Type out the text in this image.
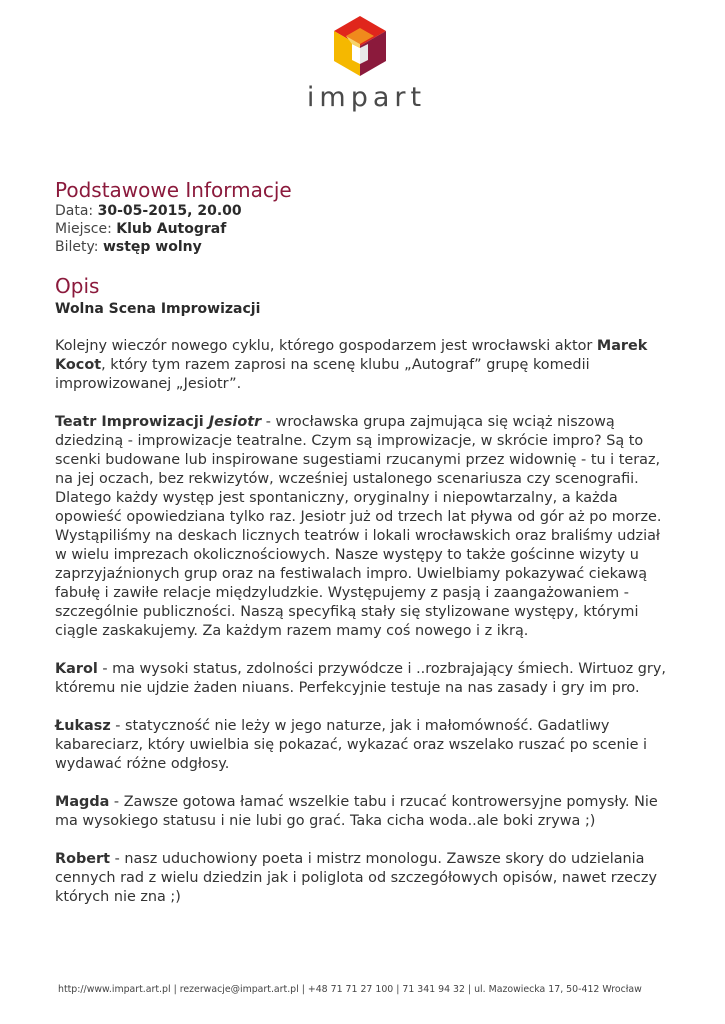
impart
Podstawowe Informacje
Data: 30-05-2015, 20.00
Miejsce: Klub Autograf
Bilety: wstęp wolny
Opis
Wolna Scena Improwizacji

Kolejny wieczór nowego cyklu, którego gospodarzem jest wrocławski aktor Marek Kocot, który tym razem zaprosi na scenę klubu „Autograf” grupę komedii improwizowanej „Jesiotr”.

Teatr Improwizacji Jesiotr - wrocławska grupa zajmująca się wciąż niszową dziedziną - improwizacje teatralne. Czym są improwizacje, w skrócie impro? Są to scenki budowane lub inspirowane sugestiami rzucanymi przez widownię - tu i teraz, na jej oczach, bez rekwizytów, wcześniej ustalonego scenariusza czy scenografii. Dlatego każdy występ jest spontaniczny, oryginalny i niepowtarzalny, a każda opowieść opowiedziana tylko raz. Jesiotr już od trzech lat pływa od gór aż po morze. Wystąpiliśmy na deskach licznych teatrów i lokali wrocławskich oraz braliśmy udział w wielu imprezach okolicznościowych. Nasze występy to także gościnne wizyty u zaprzyjaźnionych grup oraz na festiwalach impro. Uwielbiamy pokazywać ciekawą fabułę i zawiłe relacje międzyludzkie. Występujemy z pasją i zaangażowaniem - szczególnie publiczności. Naszą specyfiką stały się stylizowane występy, którymi ciągle zaskakujemy. Za każdym razem mamy coś nowego i z ikrą.

Karol - ma wysoki status, zdolności przywódcze i ..rozbrajający śmiech. Wirtuoz gry, któremu nie ujdzie żaden niuans. Perfekcyjnie testuje na nas zasady i gry im pro.

Łukasz - statyczność nie leży w jego naturze, jak i małomówność. Gadatliwy kabareciarz, który uwielbia się pokazać, wykazać oraz wszelako ruszać po scenie i wydawać różne odgłosy.

Magda - Zawsze gotowa łamać wszelkie tabu i rzucać kontrowersyjne pomysły. Nie ma wysokiego statusu i nie lubi go grać. Taka cicha woda..ale boki zrywa ;)

Robert - nasz uduchowiony poeta i mistrz monologu. Zawsze skory do udzielania cennych rad z wielu dziedzin jak i poliglota od szczegółowych opisów, nawet rzeczy których nie zna ;)

http://www.impart.art.pl | rezerwacje@impart.art.pl | +48 71 71 27 100 | 71 341 94 32 | ul. Mazowiecka 17, 50-412 Wrocław
